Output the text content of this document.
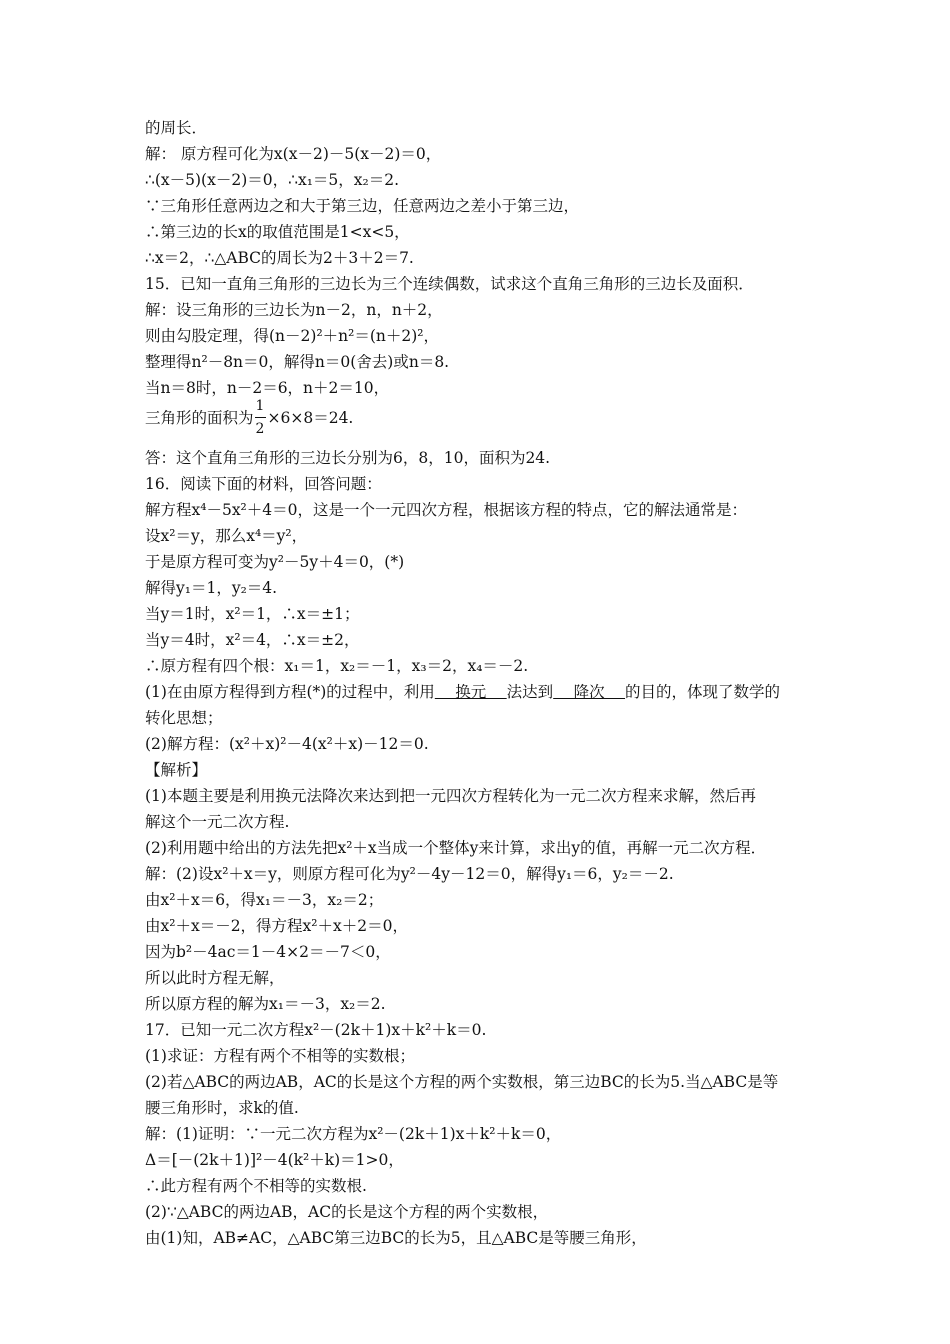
的周长．
解： 原方程可化为x(x－2)－5(x－2)＝0，
∴(x－5)(x－2)＝0，∴x₁＝5，x₂＝2.
∵三角形任意两边之和大于第三边，任意两边之差小于第三边，
∴第三边的长x的取值范围是1<x<5，
∴x＝2，∴△ABC的周长为2＋3＋2＝7.
15．已知一直角三角形的三边长为三个连续偶数，试求这个直角三角形的三边长及面积．
解：设三角形的三边长为n－2，n，n＋2，
则由勾股定理，得(n－2)²＋n²＝(n＋2)²，
整理得n²－8n＝0，解得n＝0(舍去)或n＝8.
当n＝8时，n－2＝6，n＋2＝10，
三角形的面积为 $\frac{1}{2} \times 6\times 8=24$.
答：这个直角三角形的三边长分别为6，8，10，面积为24.
16．阅读下面的材料，回答问题：
解方程x⁴－5x²＋4＝0，这是一个一元四次方程，根据该方程的特点，它的解法通常是：
设x²＝y，那么x⁴＝y²，
于是原方程可变为y²－5y＋4＝0，(*)
解得y₁＝1，y₂＝4.
当y＝1时，x²＝1，∴x＝±1；
当y＝4时，x²＝4，∴x＝±2，
∴原方程有四个根：x₁＝1，x₂＝－1，x₃＝2，x₄＝－2.
(1)在由原方程得到方程(*)的过程中，利用　 换元 　法达到　 降次 　的目的，体现了数学的
转化思想；
(2)解方程：(x²＋x)²－4(x²＋x)－12＝0.
【解析】
(1)本题主要是利用换元法降次来达到把一元四次方程转化为一元二次方程来求解，然后再
解这个一元二次方程.
(2)利用题中给出的方法先把x²＋x当成一个整体y来计算，求出y的值，再解一元二次方程．
解：(2)设x²＋x＝y，则原方程可化为y²－4y－12＝0，解得y₁＝6，y₂＝－2.
由x²＋x＝6，得x₁＝－3，x₂＝2；
由x²＋x＝－2，得方程x²＋x＋2＝0，
因为b²－4ac＝1－4×2＝－7＜0，
所以此时方程无解，
所以原方程的解为x₁＝－3，x₂＝2.
17．已知一元二次方程x²－(2k＋1)x＋k²＋k＝0.
(1)求证：方程有两个不相等的实数根；
(2)若△ABC的两边AB，AC的长是这个方程的两个实数根，第三边BC的长为5.当△ABC是等
腰三角形时，求k的值.
解：(1)证明：∵一元二次方程为x²－(2k＋1)x＋k²＋k＝0，
Δ＝[－(2k＋1)]²－4(k²＋k)＝1>0，
∴此方程有两个不相等的实数根.
(2)∵△ABC的两边AB，AC的长是这个方程的两个实数根，
由(1)知，AB≠AC，△ABC第三边BC的长为5，且△ABC是等腰三角形，
